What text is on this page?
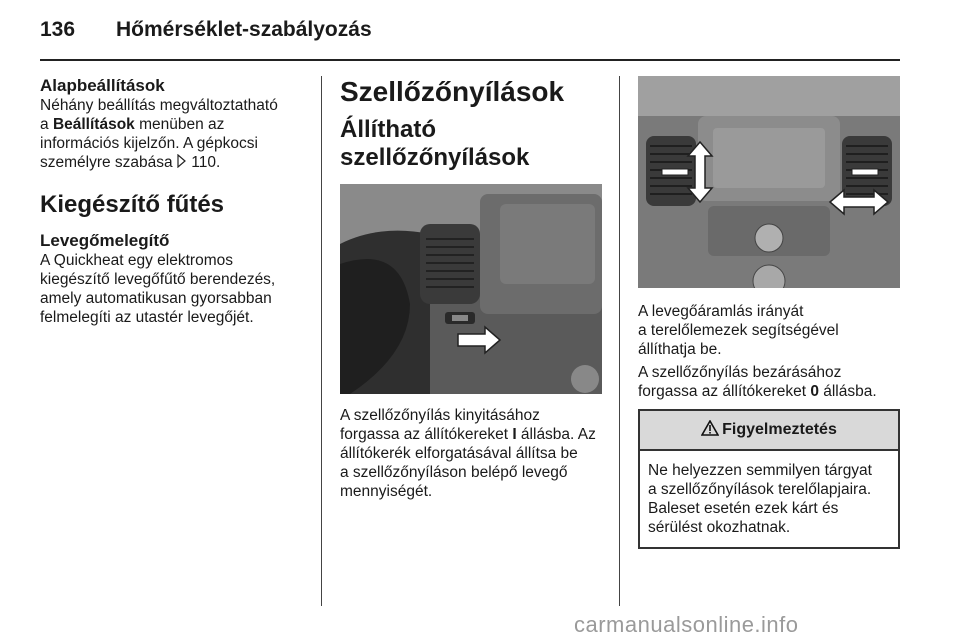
136 Hőmérséklet-szabályozás

Alapbeállítások

Néhány beállítás megváltoztatható

a Beállítások menüben az

információs kijelzőn. A gépkocsi

személyre szabása  110.

Kiegészítő fűtés

Levegőmelegítő

A Quickheat egy elektromos

kiegészítő levegőfűtő berendezés,

amely automatikusan gyorsabban

felmelegíti az utastér levegőjét.

Szellőzőnyílások

Állítható szellőzőnyílások

A szellőzőnyílás kinyitásához

forgassa az állítókereket I állásba. Az

állítókerék elforgatásával állítsa be

a szellőzőnyíláson belépő levegő

mennyiségét.

A levegőáramlás irányát

a terelőlemezek segítségével

állíthatja be.

A szellőzőnyílás bezárásához

forgassa az állítókereket 0 állásba.

Figyelmeztetés
Ne helyezzen semmilyen tárgyat
a szellőzőnyílások terelőlapjaira.
Baleset esetén ezek kárt és
sérülést okozhatnak.
carmanualsonline.info
